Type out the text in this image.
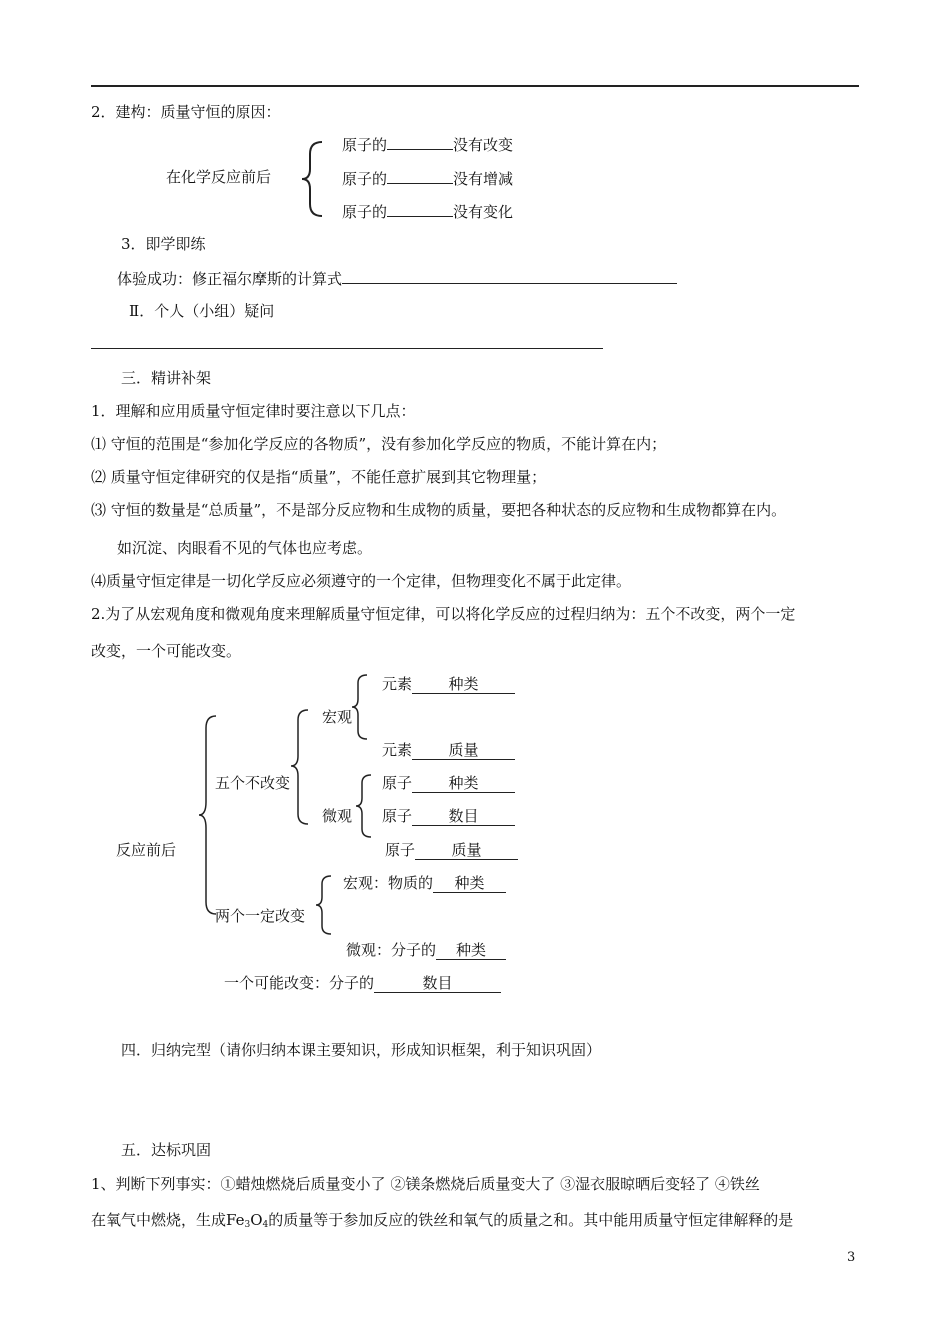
2．建构：质量守恒的原因：
在化学反应前后
原子的	没有改变
原子的	没有增减
原子的	没有变化
3．即学即练
体验成功：修正福尔摩斯的计算式
Ⅱ．个人（小组）疑问
三．精讲补架
1．理解和应用质量守恒定律时要注意以下几点：
⑴ 守恒的范围是“参加化学反应的各物质”，没有参加化学反应的物质，不能计算在内；
⑵ 质量守恒定律研究的仅是指“质量”，不能任意扩展到其它物理量；
⑶ 守恒的数量是“总质量”，不是部分反应物和生成物的质量，要把各种状态的反应物和生成物都算在内。
如沉淀、肉眼看不见的气体也应考虑。
⑷质量守恒定律是一切化学反应必须遵守的一个定律，但物理变化不属于此定律。
2.为了从宏观角度和微观角度来理解质量守恒定律，可以将化学反应的过程归纳为：五个不改变，两个一定
改变，一个可能改变。
反应前后
五个不改变
宏观
元素 种类
元素 质量
微观
原子 种类
原子 数目
原子 质量
两个一定改变
宏观：物质的 种类
微观：分子的 种类
一个可能改变：分子的	数目
四．归纳完型（请你归纳本课主要知识，形成知识框架，利于知识巩固）
五．达标巩固
1、判断下列事实：①蜡烛燃烧后质量变小了 ②镁条燃烧后质量变大了 ③湿衣服晾晒后变轻了 ④铁丝
在氧气中燃烧，生成$Fe_3O_4$的质量等于参加反应的铁丝和氧气的质量之和。其中能用质量守恒定律解释的是
3
